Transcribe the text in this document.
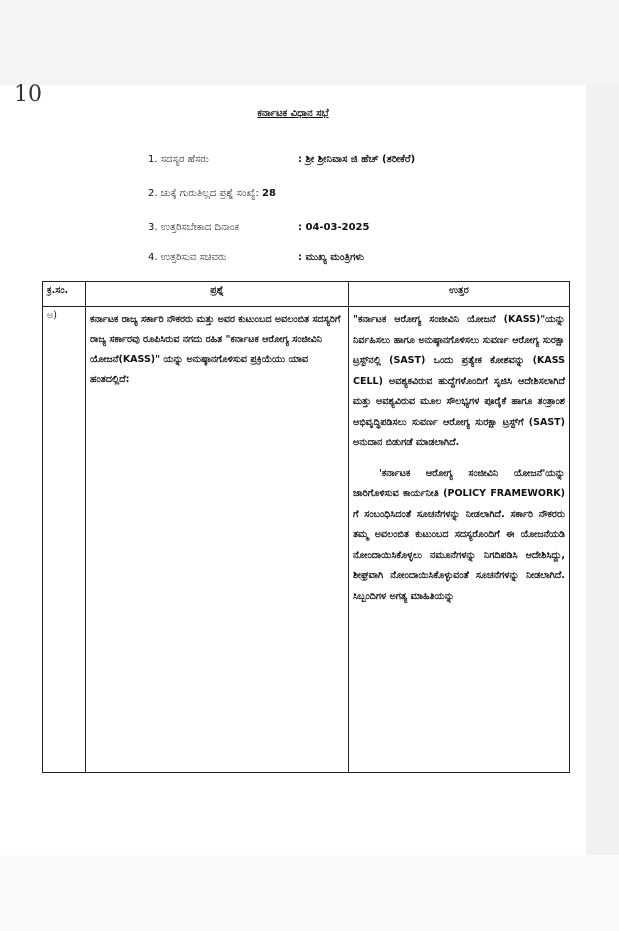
10
ಕರ್ನಾಟಕ ವಿಧಾನ ಸಭೆ
1. ಸದಸ್ಯರ ಹೆಸರು	: ಶ್ರೀ ಶ್ರೀನಿವಾಸ ಜಿ ಹೆಚ್ (ತರೀಕೆರೆ)
2. ಚುಕ್ಕೆ ಗುರುತಿಲ್ಲದ ಪ್ರಶ್ನೆ ಸಂಖ್ಯೆ: 28
3. ಉತ್ತರಿಸಬೇಕಾದ ದಿನಾಂಕ	: 04-03-2025
4. ಉತ್ತರಿಸುವ ಸಚಿವರು	: ಮುಖ್ಯ ಮಂತ್ರಿಗಳು
ಕ್ರ.ಸಂ.	ಪ್ರಶ್ನೆ	ಉತ್ತರ
ಅ)	ಕರ್ನಾಟಕ ರಾಜ್ಯ ಸರ್ಕಾರಿ ನೌಕರರು ಮತ್ತು ಅವರ ಕುಟುಂಬದ ಅವಲಂಬಿತ ಸದಸ್ಯರಿಗೆ ರಾಜ್ಯ ಸರ್ಕಾರವು ರೂಪಿಸಿರುವ ನಗದು ರಹಿತ "ಕರ್ನಾಟಕ ಆರೋಗ್ಯ ಸಂಜೀವಿನಿ ಯೋಜನೆ(KASS)" ಯನ್ನು ಅನುಷ್ಠಾನಗೊಳಿಸುವ ಪ್ರಕ್ರಿಯೆಯು ಯಾವ ಹಂತದಲ್ಲಿದೆ:	"ಕರ್ನಾಟಕ ಆರೋಗ್ಯ ಸಂಜೀವಿನಿ ಯೋಜನೆ (KASS)"ಯನ್ನು ನಿರ್ವಹಿಸಲು ಹಾಗೂ ಅನುಷ್ಠಾನಗೊಳಿಸಲು ಸುವರ್ಣ ಆರೋಗ್ಯ ಸುರಕ್ಷಾ ಟ್ರಸ್ಟ್‌ನಲ್ಲಿ (SAST) ಒಂದು ಪ್ರತ್ಯೇಕ ಕೋಶವನ್ನು (KASS CELL) ಅವಶ್ಯಕವಿರುವ ಹುದ್ದೆಗಳೊಂದಿಗೆ ಸೃಜಿಸಿ ಆದೇಶಿಸಲಾಗಿದೆ ಮತ್ತು ಅವಶ್ಯವಿರುವ ಮೂಲ ಸೌಲಭ್ಯಗಳ ಪೂರೈಕೆ ಹಾಗೂ ತಂತ್ರಾಂಶ ಅಭಿವೃದ್ಧಿಪಡಿಸಲು ಸುವರ್ಣ ಆರೋಗ್ಯ ಸುರಕ್ಷಾ ಟ್ರಸ್ಟ್‌ಗೆ (SAST) ಅನುದಾನ ಬಿಡುಗಡೆ ಮಾಡಲಾಗಿದೆ.

'ಕರ್ನಾಟಕ ಆರೋಗ್ಯ ಸಂಜೀವಿನಿ ಯೋಜನೆ'ಯನ್ನು ಜಾರಿಗೊಳಿಸುವ ಕಾರ್ಯನೀತಿ (POLICY FRAMEWORK) ಗೆ ಸಂಬಂಧಿಸಿದಂತೆ ಸೂಚನೆಗಳನ್ನು ನೀಡಲಾಗಿದೆ. ಸರ್ಕಾರಿ ನೌಕರರು ತಮ್ಮ ಅವಲಂಬಿತ ಕುಟುಂಬದ ಸದಸ್ಯರೊಂದಿಗೆ ಈ ಯೋಜನೆಯಡಿ ನೋಂದಾಯಿಸಿಕೊಳ್ಳಲು ನಮೂನೆಗಳನ್ನು ನಿಗದಿಪಡಿಸಿ ಆದೇಶಿಸಿದ್ದು, ಶೀಘ್ರವಾಗಿ ನೋಂದಾಯಿಸಿಕೊಳ್ಳುವಂತೆ ಸೂಚನೆಗಳನ್ನು ನೀಡಲಾಗಿದೆ. ಸಿಬ್ಬಂದಿಗಳ ಅಗತ್ಯ ಮಾಹಿತಿಯನ್ನು
